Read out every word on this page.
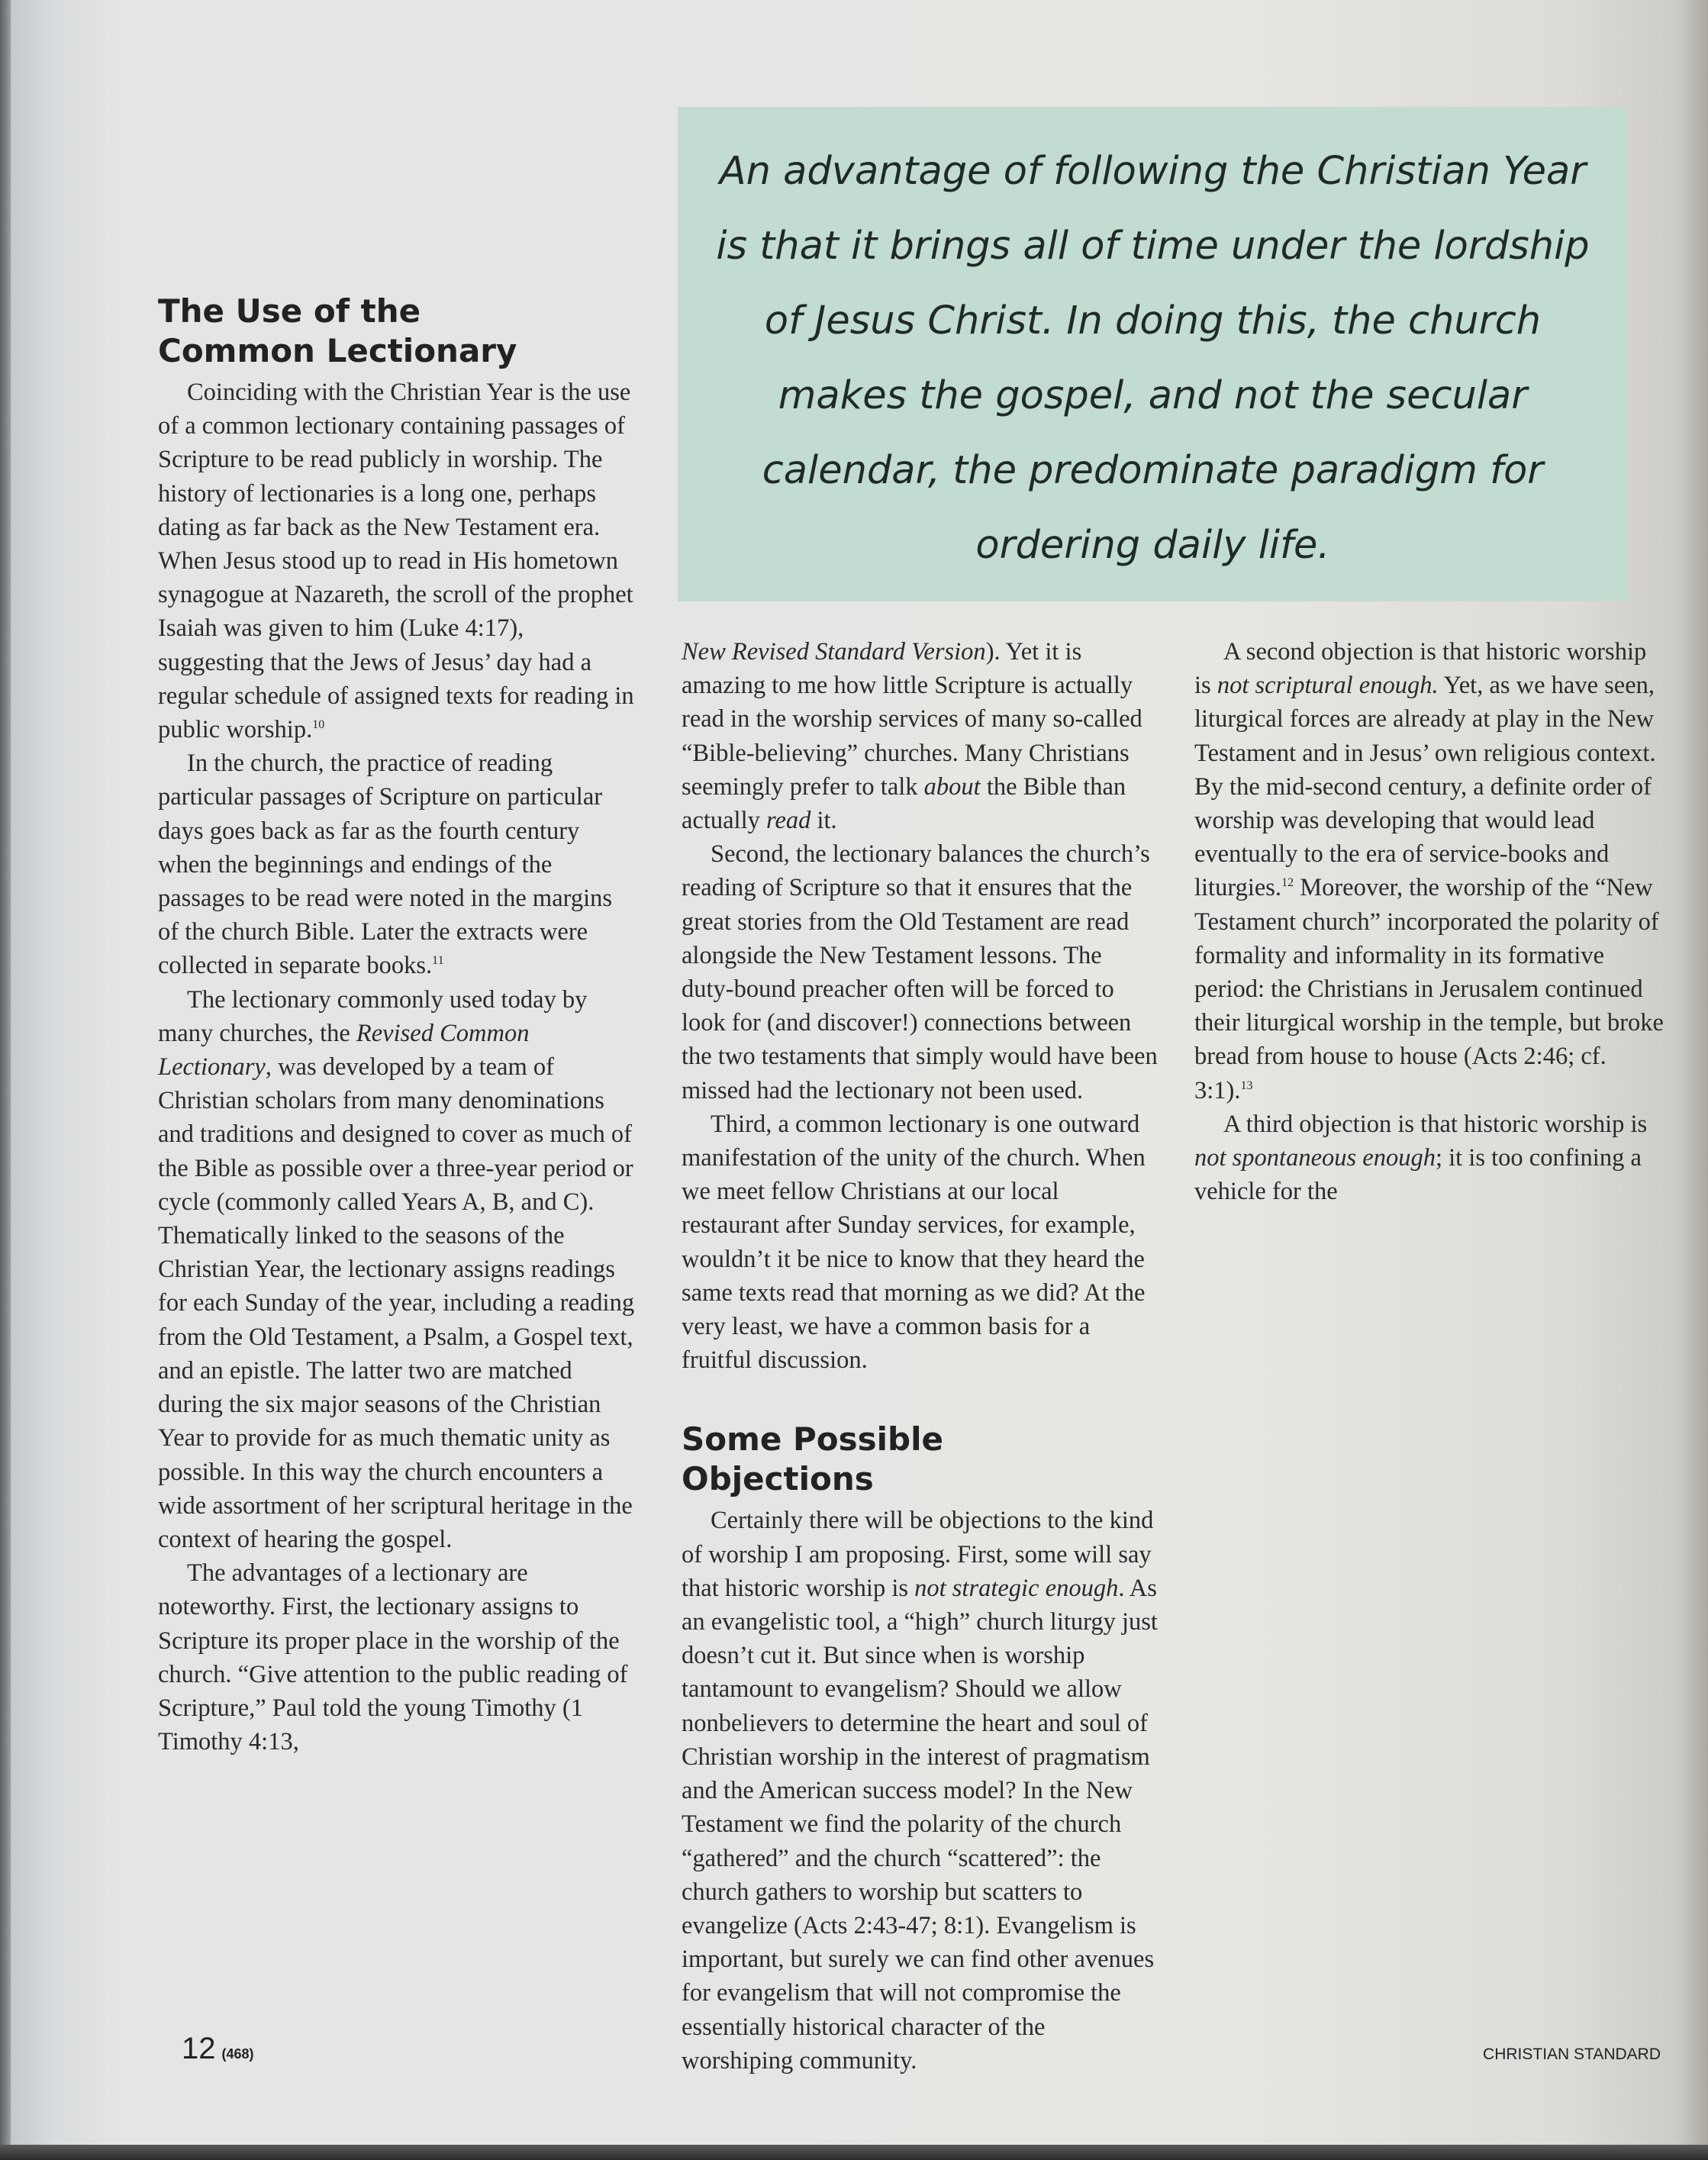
An advantage of following the Christian Year is that it brings all of time under the lordship of Jesus Christ. In doing this, the church makes the gospel, and not the secular calendar, the predominate paradigm for ordering daily life.

The Use of the
Common Lectionary

Coinciding with the Christian Year is the use of a common lectionary containing passages of Scripture to be read publicly in worship. The history of lectionaries is a long one, perhaps dating as far back as the New Testament era. When Jesus stood up to read in His hometown synagogue at Nazareth, the scroll of the prophet Isaiah was given to him (Luke 4:17), suggesting that the Jews of Jesus’ day had a regular schedule of assigned texts for reading in public worship.$^{10}$

In the church, the practice of reading particular passages of Scripture on particular days goes back as far as the fourth century when the beginnings and endings of the passages to be read were noted in the margins of the church Bible. Later the extracts were collected in separate books.$^{11}$

The lectionary commonly used today by many churches, the Revised Common Lectionary, was developed by a team of Christian scholars from many denominations and traditions and designed to cover as much of the Bible as possible over a three-year period or cycle (commonly called Years A, B, and C). Thematically linked to the seasons of the Christian Year, the lectionary assigns readings for each Sunday of the year, including a reading from the Old Testament, a Psalm, a Gospel text, and an epistle. The latter two are matched during the six major seasons of the Christian Year to provide for as much thematic unity as possible. In this way the church encounters a wide assortment of her scriptural heritage in the context of hearing the gospel.

The advantages of a lectionary are noteworthy. First, the lectionary assigns to Scripture its proper place in the worship of the church. “Give attention to the public reading of Scripture,” Paul told the young Timothy (1 Timothy 4:13,

New Revised Standard Version). Yet it is amazing to me how little Scripture is actually read in the worship services of many so-called “Bible-believing” churches. Many Christians seemingly prefer to talk about the Bible than actually read it.

Second, the lectionary balances the church’s reading of Scripture so that it ensures that the great stories from the Old Testament are read alongside the New Testament lessons. The duty-bound preacher often will be forced to look for (and discover!) connections between the two testaments that simply would have been missed had the lectionary not been used.

Third, a common lectionary is one outward manifestation of the unity of the church. When we meet fellow Christians at our local restaurant after Sunday services, for example, wouldn’t it be nice to know that they heard the same texts read that morning as we did? At the very least, we have a common basis for a fruitful discussion.

Some Possible
Objections

Certainly there will be objections to the kind of worship I am proposing. First, some will say that historic worship is not strategic enough. As an evangelistic tool, a “high” church liturgy just doesn’t cut it. But since when is worship tantamount to evangelism? Should we allow nonbelievers to determine the heart and soul of Christian worship in the interest of pragmatism and the American success model? In the New Testament we find the polarity of the church “gathered” and the church “scattered”: the church gathers to worship but scatters to evangelize (Acts 2:43-47; 8:1). Evangelism is important, but surely we can find other avenues for evangelism that will not compromise the essentially historical character of the worshiping community.

A second objection is that historic worship is not scriptural enough. Yet, as we have seen, liturgical forces are already at play in the New Testament and in Jesus’ own religious context. By the mid-second century, a definite order of worship was developing that would lead eventually to the era of service-books and liturgies.$^{12}$ Moreover, the worship of the “New Testament church” incorporated the polarity of formality and informality in its formative period: the Christians in Jerusalem continued their liturgical worship in the temple, but broke bread from house to house (Acts 2:46; cf. 3:1).$^{13}$

A third objection is that historic worship is not spontaneous enough; it is too confining a vehicle for the

12 (468)	CHRISTIAN STANDARD
